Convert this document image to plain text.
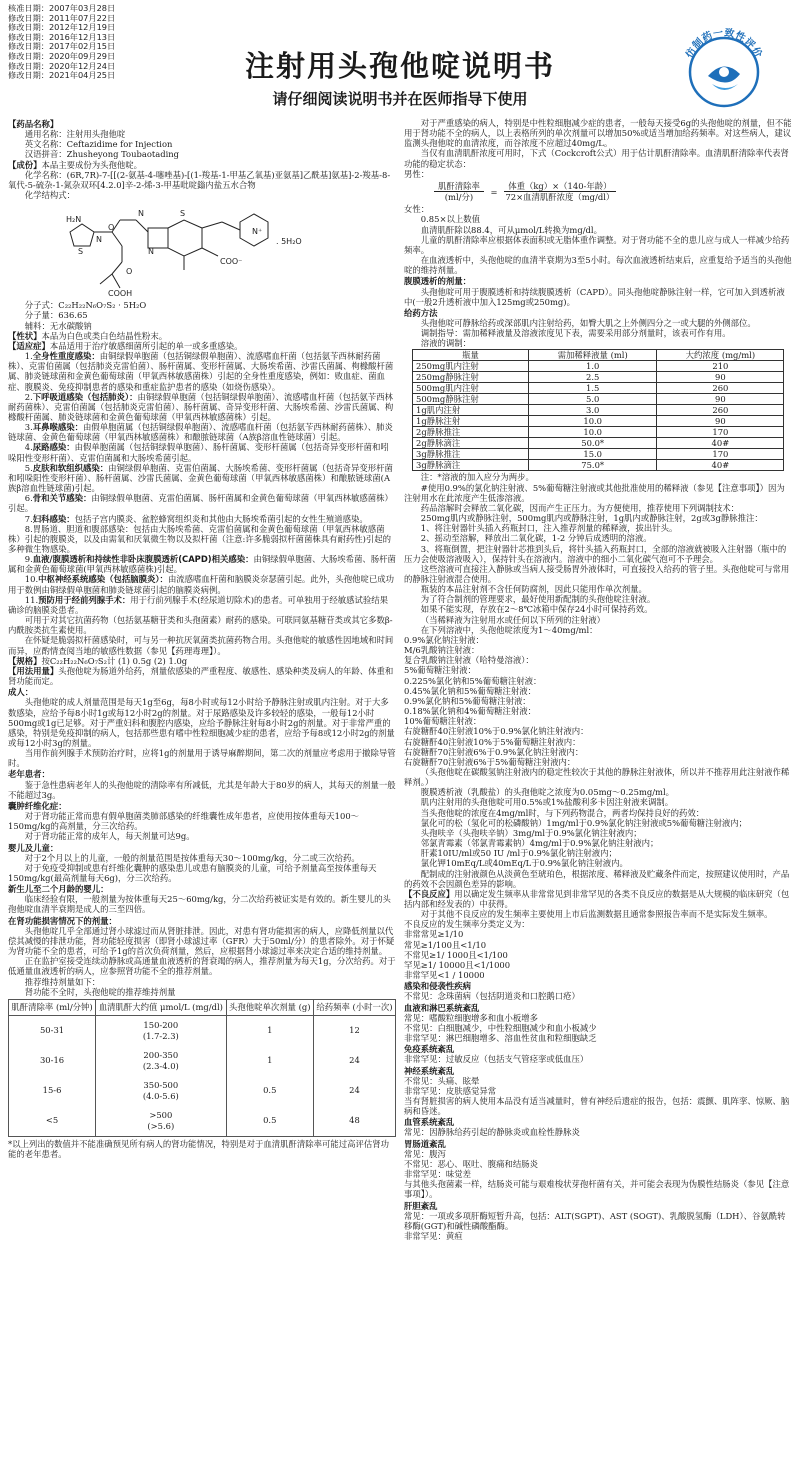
核准日期：2007年03月28日
修改日期：2011年07月22日
修改日期：2012年12月19日
修改日期：2016年12月13日
修改日期：2017年02月15日
修改日期：2020年09月29日
修改日期：2020年12月24日
修改日期：2021年04月25日	注射用头孢他啶说明书
请仔细阅读说明书并在医师指导下使用
仿制药一致性评价
【药品名称】
通用名称：注射用头孢他啶
英文名称：Ceftazidime for Injection
汉语拼音：Zhusheyong Toubaotading
【成份】本品主要成份为头孢他啶。
化学名称：(6R,7R)-7-[[(2-氨基-4-噻唑基)-[(1-羧基-1-甲基乙氧基)亚氨基]乙酰基]氨基]-2-羧基-8-氧代-5-硫杂-1-氮杂双环[4.2.0]辛-2-烯-3-甲基吡啶鎓内盐五水合物
化学结构式：
H₂N
S
N
O
N
N
S
COO⁻
N⁺
O
COOH
. 5H₂O
分子式：C₂₂H₂₂N₆O₇S₂ · 5H₂O
分子量：636.65
辅料：无水碳酸钠
【性状】本品为白色或类白色结晶性粉末。
【适应症】本品适用于治疗敏感细菌所引起的单一或多重感染。
1.全身性重度感染：由铜绿假单胞菌（包括铜绿假单胞菌）、流感嗜血杆菌（包括氨苄西林耐药菌株）、克雷伯菌属（包括肺炎克雷伯菌）、肠杆菌属、变形杆菌属、大肠埃希菌、沙雷氏菌属、枸橼酸杆菌属、肺炎链球菌和金黄色葡萄球菌（甲氧西林敏感菌株）引起的全身性重度感染，例如：败血症、菌血症、腹膜炎、免疫抑制患者的感染和重症监护患者的感染（如烧伤感染）。
2.下呼吸道感染（包括肺炎）：由铜绿假单胞菌（包括铜绿假单胞菌）、流感嗜血杆菌（包括氨苄西林耐药菌株）、克雷伯菌属（包括肺炎克雷伯菌）、肠杆菌属、奇异变形杆菌、大肠埃希菌、沙雷氏菌属、枸橼酸杆菌属、肺炎链球菌和金黄色葡萄球菌（甲氧西林敏感菌株）引起。
3.耳鼻喉感染：由假单胞菌属（包括铜绿假单胞菌）、流感嗜血杆菌（包括氨苄西林耐药菌株）、肺炎链球菌、金黄色葡萄球菌（甲氧西林敏感菌株）和酿脓链球菌（A族β溶血性链球菌）引起。
4.尿路感染：由假单胞菌属（包括铜绿假单胞菌）、肠杆菌属、变形杆菌属（包括奇异变形杆菌和吲哚阳性变形杆菌）、克雷伯菌属和大肠埃希菌引起。
5.皮肤和软组织感染：由铜绿假单胞菌、克雷伯菌属、大肠埃希菌、变形杆菌属（包括奇异变形杆菌和吲哚阳性变形杆菌）、肠杆菌属、沙雷氏菌属、金黄色葡萄球菌（甲氧西林敏感菌株）和酿脓链球菌(A族β溶血性链球菌)引起。
6.骨和关节感染：由铜绿假单胞菌、克雷伯菌属、肠杆菌属和金黄色葡萄球菌（甲氧西林敏感菌株）引起。
7.妇科感染：包括子宫内膜炎、盆腔蜂窝组织炎和其他由大肠埃希菌引起的女性生殖道感染。
8.胃肠道、胆道和腹部感染：包括由大肠埃希菌、克雷伯菌属和金黄色葡萄球菌（甲氧西林敏感菌株）引起的腹膜炎，以及由需氧和厌氧微生物以及拟杆菌（注意:许多脆弱拟杆菌菌株具有耐药性)引起的多种微生物感染。
9.血液/腹膜透析和持续性非卧床腹膜透析(CAPD)相关感染：由铜绿假单胞菌、大肠埃希菌、肠杆菌属和金黄色葡萄球菌(甲氧西林敏感菌株)引起。
10.中枢神经系统感染（包括脑膜炎）：由流感嗜血杆菌和脑膜炎奈瑟菌引起。此外，头孢他啶已成功用于数例由铜绿假单胞菌和肺炎链球菌引起的脑膜炎病例。
11.预防用于经前列腺手术：用于行前列腺手术(经尿道切除术)的患者。可单独用于经敏感试验结果确诊的脑膜炎患者。
可用于对其它抗菌药物（包括氨基糖苷类和头孢菌素）耐药的感染。可联同氨基糖苷类或其它多数β-内酰胺类抗生素使用。
在怀疑是脆弱拟杆菌感染时，可与另一种抗厌氧菌类抗菌药物合用。头孢他啶的敏感性因地域和时间而异，应酌情查阅当地的敏感性数据（参见【药理毒理】）。
【规格】按C₂₂H₂₂N₆O₇S₂计 (1) 0.5g (2) 1.0g
【用法用量】头孢他啶为肠道外给药，剂量依感染的严重程度、敏感性、感染种类及病人的年龄、体重和肾功能而定。
成人：
头孢他啶的成人剂量范围是每天1g至6g，每8小时或每12小时给予静脉注射或肌内注射。对于大多数感染，应给予每8小时1g或每12小时2g的剂量。对于尿路感染及许多较轻的感染，一般每12小时500mg或1g已足够。对于严重妇科和腹腔内感染，应给予静脉注射每8小时2g的剂量。对于非常严重的感染，特别是免疫抑制的病人，包括那些患有嗜中性粒细胞减少症的患者，应给予每8或12小时2g的剂量或每12小时3g的剂量。
当用作前列腺手术预防治疗时，应将1g的剂量用于诱导麻醉期间，第二次的剂量应考虑用于撤除导管时。
老年患者：
鉴于急性患病老年人的头孢他啶的清除率有所减低，尤其是年龄大于80岁的病人，其每天的剂量一般不能超过3g。
囊肿纤维化症：
对于肾功能正常而患有假单胞菌类肺部感染的纤维囊性成年患者，应使用按体重每天100～150mg/kg的高剂量，分三次给药。
对于肾功能正常的成年人，每天剂量可达9g。
婴儿及儿童：
对于2个月以上的儿童，一般的剂量范围是按体重每天30～100mg/kg，分二或三次给药。
对于免疫受抑制或患有纤维化囊肿的感染患儿或患有脑膜炎的儿童，可给予剂量高至按体重每天150mg/kg(最高剂量每天6g)，分三次给药。
新生儿至二个月龄的婴儿：
临床经验有限，一般剂量为按体重每天25～60mg/kg，分二次给药被证实是有效的。新生婴儿的头孢他啶血清半衰期是成人的三至四倍。
在肾功能损害情况下的剂量：
头孢他啶几乎全部通过肾小球滤过而从肾脏排泄。因此，对患有肾功能损害的病人，应降低剂量以代偿其减慢的排泄功能，肾功能轻度损害（即肾小球滤过率（GFR）大于50ml/分）的患者除外。对于怀疑为肾功能不全的患者，可给予1g的首次负荷剂量，然后，应根据肾小球滤过率来决定合适的维持剂量。
正在监护室接受连续动静脉或高通量血液透析的肾衰竭的病人，推荐剂量为每天1g，分次给药。对于低通量血液透析的病人，应参照肾功能不全的推荐剂量。
推荐维持剂量如下：
肾功能不全时，头孢他啶的推荐维持剂量
肌酐清除率 (ml/分钟)	血清肌酐大约值 μmol/L (mg/dl)	头孢他啶单次剂量 (g)	给药频率 (小时一次)
50-31	150-200
(1.7-2.3)	1	12
30-16	200-350
(2.3-4.0)	1	24
15-6	350-500
(4.0-5.6)	0.5	24
<5	>500
(>5.6)	0.5	48
*以上列出的数值并不能准确预见所有病人的肾功能情况，特别是对于血清肌酐清除率可能过高评估肾功能的老年患者。
对于严重感染的病人，特别是中性粒细胞减少症的患者，一般每天接受6g的头孢他啶的剂量，但不能用于肾功能不全的病人，以上表格所列的单次剂量可以增加50%或适当增加给药频率。对这些病人，建议监测头孢他啶的血清浓度，而谷浓度不应超过40mg/L。
当仅有血清肌酐浓度可用时，下式（Cockcroft公式）用于估计肌酐清除率。血清肌酐清除率代表肾功能的稳定状态：
男性：
$\frac{\text{肌酐清除率}}{\text{(ml/分)}} = \frac{\text{体重（kg）×（140-年龄）}}{\text{72×血清肌酐浓度（mg/dl）}}$
女性：
0.85×以上数值
血清肌酐除以88.4，可从μmol/L转换为mg/dl。
儿童的肌酐清除率应根据体表面积或无脂体重作调整。对于肾功能不全的患儿应与成人一样减少给药频率。
在血液透析中，头孢他啶的血清半衰期为3至5小时。每次血液透析结束后，应重复给予适当的头孢他啶的维持剂量。
腹膜透析的剂量：
头孢他啶可用于腹膜透析和持续腹膜透析（CAPD）。同头孢他啶静脉注射一样，它可加入到透析液中(一般2升透析液中加入125mg或250mg)。
给药方法
头孢他啶可静脉给药或深部肌内注射给药，如臀大肌之上外侧四分之一或大腿的外侧部位。
调制指导：需加稀释液量及溶液浓度见下表，需要采用部分剂量时，该表可作有用。
溶液的调制：
瓶量	需加稀释液量 (ml)	大约浓度 (mg/ml)
250mg肌内注射	1.0	210
250mg静脉注射	2.5	90
500mg肌内注射	1.5	260
500mg静脉注射	5.0	90
1g肌内注射	3.0	260
1g静脉注射	10.0	90
2g静脉推注	10.0	170
2g静脉滴注	50.0*	40#
3g静脉推注	15.0	170
3g静脉滴注	75.0*	40#
注：*溶液的加入应分为两步。
#使用0.9%的氯化钠注射液、5%葡萄糖注射液或其他批准使用的稀释液（参见【注意事项】）因为注射用水在此浓度产生低渗溶液。
药品溶解时会释放二氧化碳，因而产生正压力。为方便使用，推荐使用下列调制技术：
250mg肌内或静脉注射，500mg肌内或静脉注射，1g肌内或静脉注射，2g或3g静脉推注：
1、将注射器针头插入药瓶封口，注入推荐剂量的稀释液，拔出针头。
2、摇动至溶解，释放出二氧化碳，1-2 分钟后成透明的溶液。
3、将瓶倒置，把注射器针芯推到头后，将针头插入药瓶封口，全部的溶液就被吸入注射器（瓶中的压力会使吸溶液吸入），保持针头在溶液内。溶液中的细小二氧化碳气泡可不予理会。
这些溶液可直接注入静脉或当病人接受肠胃外液体时，可直接投入给药的管子里。头孢他啶可与常用的静脉注射液混合使用。
瓶装的本品注射剂不含任何防腐剂，因此只能用作单次剂量。
为了符合制剂的管理要求，最好使用新配制的头孢他啶注射液。
如果不能实现，存放在2～8℃冰箱中保存24小时可保持药效。
（当稀释液为注射用水或任何以下所列的注射液）
在下列溶液中，头孢他啶浓度为1～40mg/ml：
0.9%氯化钠注射液：
M/6乳酸钠注射液：
复合乳酸钠注射液（哈特曼溶液）：
5%葡萄糖注射液：
0.225%氯化钠和5%葡萄糖注射液：
0.45%氯化钠和5%葡萄糖注射液：
0.9%氯化钠和5%葡萄糖注射液：
0.18%氯化钠和4%葡萄糖注射液：
10%葡萄糖注射液：
右旋糖酐40注射液10%于0.9%氯化钠注射液内：
右旋糖酐40注射液10%于5%葡萄糖注射液内：
右旋糖酐70注射液6%于0.9%氯化钠注射液内：
右旋糖酐70注射液6%于5%葡萄糖注射液内：
（头孢他啶在碳酸氢钠注射液内的稳定性较次于其他的静脉注射液体，所以并不推荐用此注射液作稀释剂。）
腹膜透析液（乳酸盐）的头孢他啶之浓度为0.05mg～0.25mg/ml。
肌内注射用的头孢他啶可用0.5%或1%盐酸利多卡因注射液来调制。
当头孢他啶的浓度在4mg/ml时，与下列药物混合，两者均保持良好的药效：
氯化可的松（氢化可的松磷酸钠）1mg/ml于0.9%氯化钠注射液或5%葡萄糖注射液内；
头孢呋辛（头孢呋辛钠）3mg/ml于0.9%氯化钠注射液内；
邻氯青霉素（邻氯青霉素钠）4mg/ml于0.9%氯化钠注射液内；
肝素10IU/ml或50 IU /ml于0.9%氯化钠注射液内；
氯化钾10mEq/L或40mEq/L于0.9%氯化钠注射液内。
配制成的注射液颜色从淡黄色至琥珀色，根据浓度、稀释液及贮藏条件而定，按照建议使用时，产品的药效不会因颜色差异的影响。
【不良反应】用以确定发生频率从非常常见到非常罕见的各类不良反应的数据是从大规模的临床研究（包括内部和经发表的）中获得。
对于其他不良反应的发生频率主要使用上市后监测数据且通常参照报告率而不是实际发生频率。
不良反应的发生频率分类定义为：
非常常见≥1/10
常见≥1/100且<1/10
不常见≥1/ 1000且<1/100
罕见≥1/ 10000且<1/1000
非常罕见<1 / 10000
感染和侵袭性疾病
不常见：念珠菌病（包括阴道炎和口腔鹅口疮）
血液和淋巴系统紊乱
常见：嗜酸粒细胞增多和血小板增多
不常见：白细胞减少，中性粒细胞减少和血小板减少
非常罕见：淋巴细胞增多、溶血性贫血和粒细胞缺乏
免疫系统紊乱
非常罕见：过敏反应（包括支气管痉挛或低血压）
神经系统紊乱
不常见：头痛、眩晕
非常罕见：皮肤感觉异常
当有肾脏损害的病人使用本品没有适当减量时，曾有神经后遗症的报告，包括：震颤、肌阵挛、惊厥、脑病和昏迷。
血管系统紊乱
常见：因静脉给药引起的静脉炎或血栓性静脉炎
胃肠道紊乱
常见：腹泻
不常见：恶心、呕吐、腹痛和结肠炎
非常罕见：味觉差
与其他头孢菌素一样，结肠炎可能与艰难梭状芽孢杆菌有关，并可能会表现为伪膜性结肠炎（参见【注意事项】）。
肝胆紊乱
常见：一项或多项肝酶短暂升高，包括：ALT(SGPT)、AST (SOGT)、乳酸脱氢酶（LDH）、谷氨酰转移酶(GGT)和碱性磷酸酯酶。
非常罕见：黄疸
